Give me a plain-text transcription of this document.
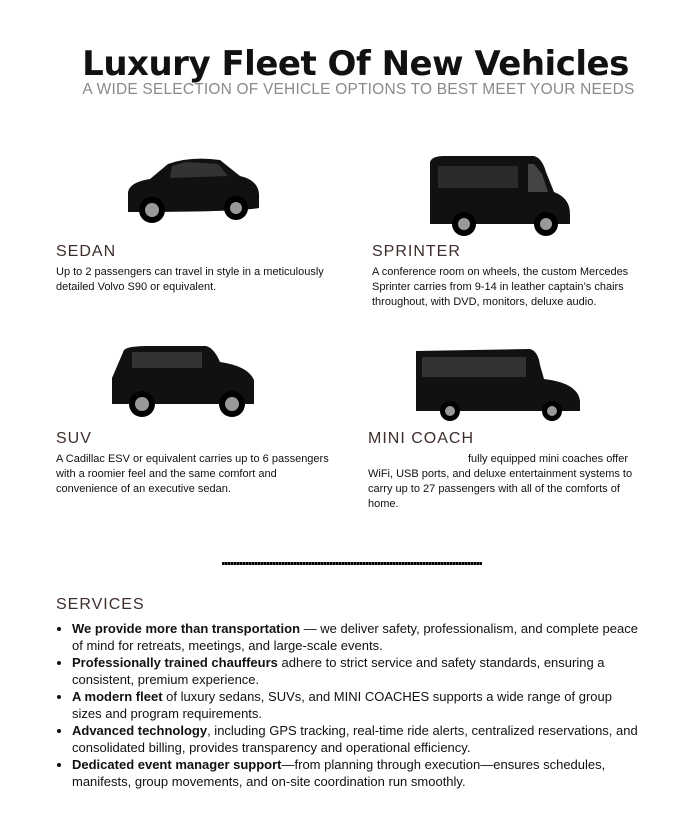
Luxury Fleet Of New Vehicles
A WIDE SELECTION OF VEHICLE OPTIONS TO BEST MEET YOUR NEEDS
SEDAN
Up to 2 passengers can travel in style in a meticulously detailed Volvo S90 or equivalent.
SPRINTER
A conference room on wheels, the custom Mercedes Sprinter carries from 9-14 in leather captain’s chairs throughout, with DVD, monitors, deluxe audio.
SUV
A Cadillac ESV or equivalent carries up to 6 passengers with a roomier feel and the same comfort and convenience of an executive sedan.
MINI COACH
fully equipped mini coaches offer WiFi, USB ports, and deluxe entertainment systems to carry up to 27 passengers with all of the comforts of home.
SERVICES
• We provide more than transportation — we deliver safety, professionalism, and complete peace of mind for retreats, meetings, and large-scale events.
• Professionally trained chauffeurs adhere to strict service and safety standards, ensuring a consistent, premium experience.
• A modern fleet of luxury sedans, SUVs, and MINI COACHES supports a wide range of group sizes and program requirements.
• Advanced technology, including GPS tracking, real-time ride alerts, centralized reservations, and consolidated billing, provides transparency and operational efficiency.
• Dedicated event manager support—from planning through execution—ensures schedules, manifests, group movements, and on-site coordination run smoothly.
